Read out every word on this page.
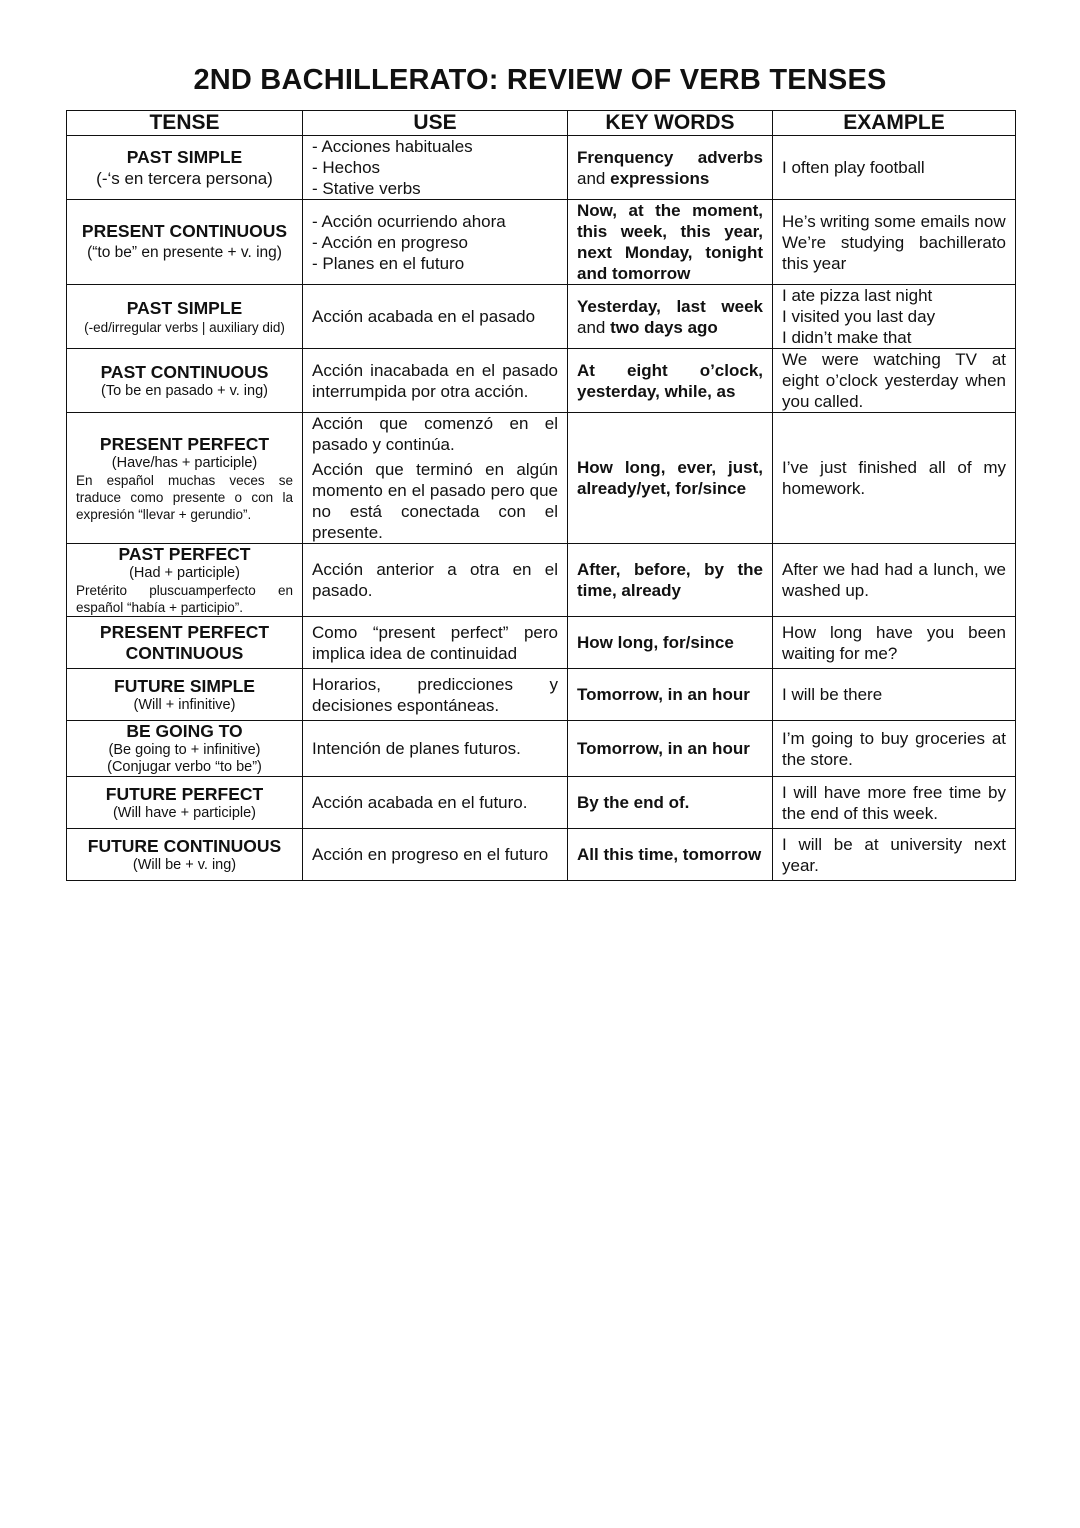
2ND BACHILLERATO: REVIEW OF VERB TENSES
TENSE	USE	KEY WORDS	EXAMPLE

PAST SIMPLE
(-‘s en tercera persona)	- Acciones habituales
- Hechos
- Stative verbs	Frenquency adverbs and expressions	I often play football

PRESENT CONTINUOUS
(“to be” en presente + v. ing)	- Acción ocurriendo ahora
- Acción en progreso
- Planes en el futuro	Now, at the moment, this week, this year, next Monday, tonight and tomorrow	He’s writing some emails now
We’re studying bachillerato this year

PAST SIMPLE
(-ed/irregular verbs | auxiliary did)	Acción acabada en el pasado	Yesterday, last week and two days ago	I ate pizza last night
I visited you last day
I didn’t make that

PAST CONTINUOUS
(To be en pasado + v. ing)	Acción inacabada en el pasado interrumpida por otra acción.	At eight o’clock, yesterday, while, as	We were watching TV at eight o’clock yesterday when you called.

PRESENT PERFECT
(Have/has + participle)
En español muchas veces se traduce como presente o con la expresión “llevar + gerundio”.	Acción que comenzó en el pasado y continúa.
Acción que terminó en algún momento en el pasado pero que no está conectada con el presente.	How long, ever, just, already/yet, for/since	I’ve just finished all of my homework.

PAST PERFECT
(Had + participle)
Pretérito pluscuamperfecto en español “había + participio”.	Acción anterior a otra en el pasado.	After, before, by the time, already	After we had had a lunch, we washed up.

PRESENT PERFECT CONTINUOUS	Como “present perfect” pero implica idea de continuidad	How long, for/since	How long have you been waiting for me?

FUTURE SIMPLE
(Will + infinitive)	Horarios, predicciones y decisiones espontáneas.	Tomorrow, in an hour	I will be there

BE GOING TO
(Be going to + infinitive)
(Conjugar verbo “to be”)	Intención de planes futuros.	Tomorrow, in an hour	I’m going to buy groceries at the store.

FUTURE PERFECT
(Will have + participle)	Acción acabada en el futuro.	By the end of.	I will have more free time by the end of this week.

FUTURE CONTINUOUS
(Will be + v. ing)	Acción en progreso en el futuro	All this time, tomorrow	I will be at university next year.
